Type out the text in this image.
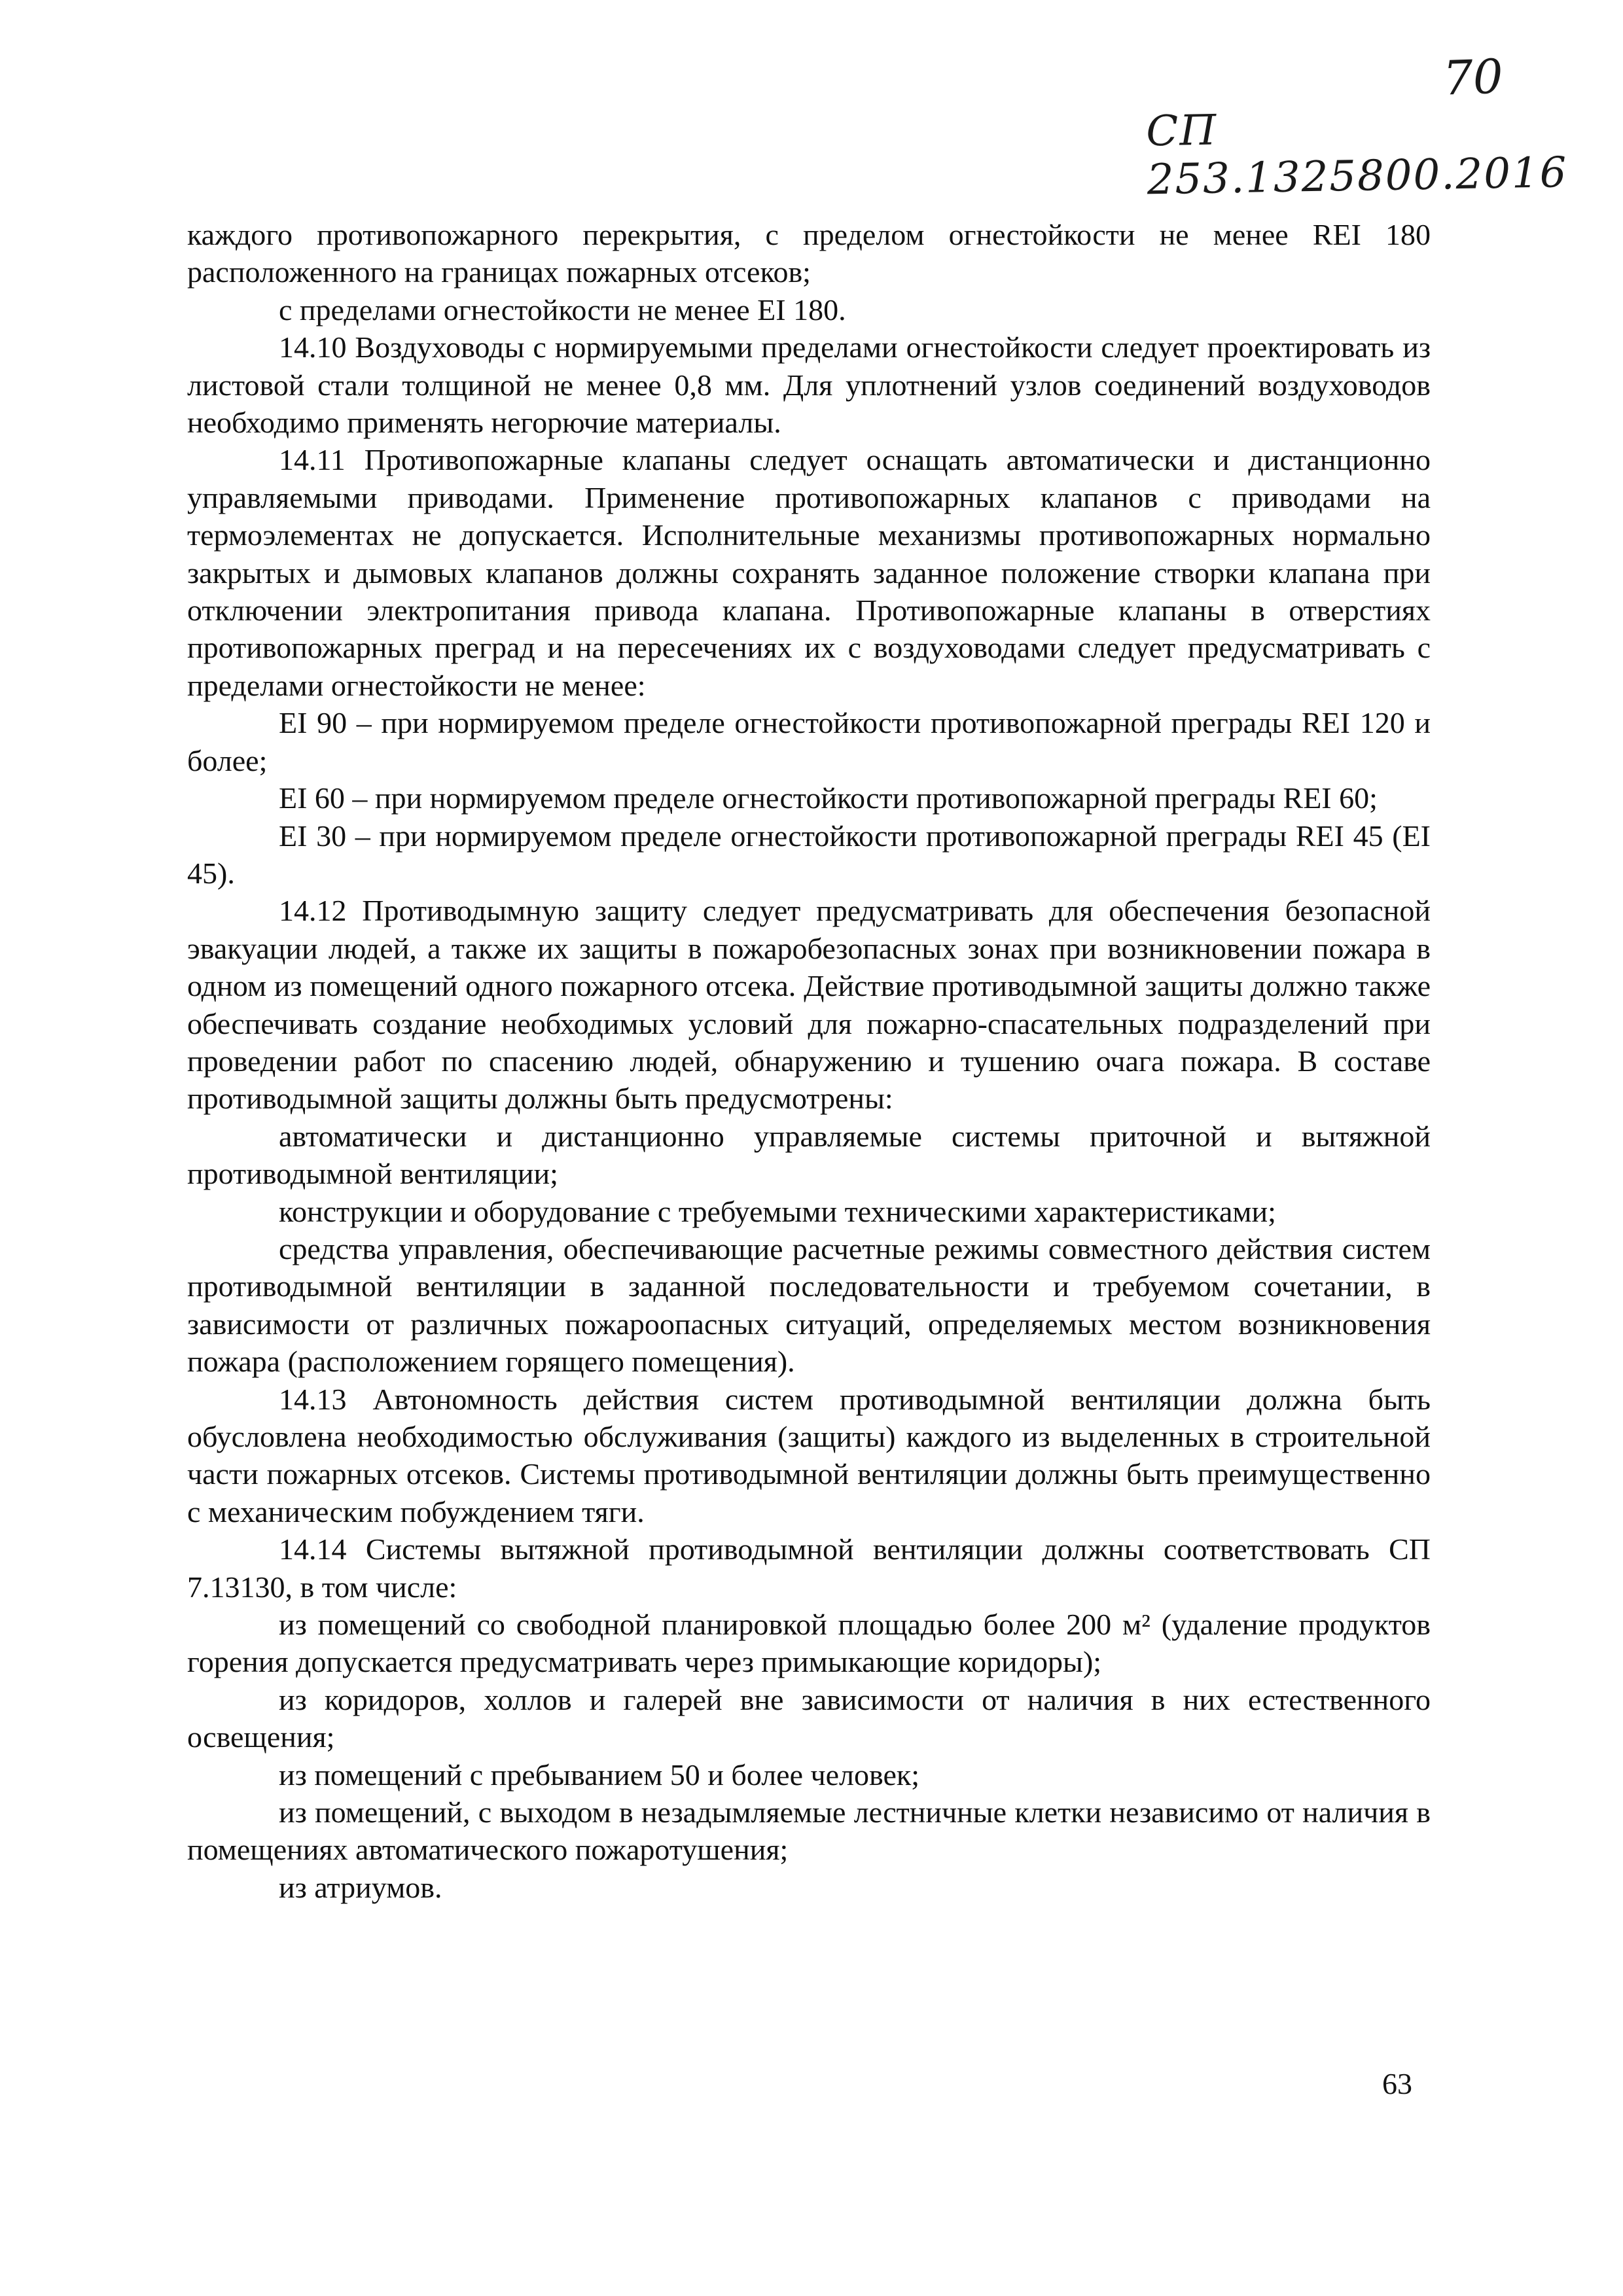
70
СП 253.1325800.2016

каждого противопожарного перекрытия, с пределом огнестойкости не менее REI 180 расположенного на границах пожарных отсеков;

с пределами огнестойкости не менее EI 180.

14.10 Воздуховоды с нормируемыми пределами огнестойкости следует проектировать из листовой стали толщиной не менее 0,8 мм. Для уплотнений узлов соединений воздуховодов необходимо применять негорючие материалы.

14.11 Противопожарные клапаны следует оснащать автоматически и дистанционно управляемыми приводами. Применение противопожарных клапанов с приводами на термоэлементах не допускается. Исполнительные механизмы противопожарных нормально закрытых и дымовых клапанов должны сохранять заданное положение створки клапана при отключении электропитания привода клапана. Противопожарные клапаны в отверстиях противопожарных преград и на пересечениях их с воздуховодами следует предусматривать с пределами огнестойкости не менее:

EI 90 – при нормируемом пределе огнестойкости противопожарной преграды REI 120 и более;

EI 60 – при нормируемом пределе огнестойкости противопожарной преграды REI 60;

EI 30 – при нормируемом пределе огнестойкости противопожарной преграды REI 45 (EI 45).

14.12 Противодымную защиту следует предусматривать для обеспечения безопасной эвакуации людей, а также их защиты в пожаробезопасных зонах при возникновении пожара в одном из помещений одного пожарного отсека. Действие противодымной защиты должно также обеспечивать создание необходимых условий для пожарно-спасательных подразделений при проведении работ по спасению людей, обнаружению и тушению очага пожара. В составе противодымной защиты должны быть предусмотрены:

автоматически и дистанционно управляемые системы приточной и вытяжной противодымной вентиляции;

конструкции и оборудование с требуемыми техническими характеристиками;

средства управления, обеспечивающие расчетные режимы совместного действия систем противодымной вентиляции в заданной последовательности и требуемом сочетании, в зависимости от различных пожароопасных ситуаций, определяемых местом возникновения пожара (расположением горящего помещения).

14.13 Автономность действия систем противодымной вентиляции должна быть обусловлена необходимостью обслуживания (защиты) каждого из выделенных в строительной части пожарных отсеков. Системы противодымной вентиляции должны быть преимущественно с механическим побуждением тяги.

14.14 Системы вытяжной противодымной вентиляции должны соответствовать СП 7.13130, в том числе:

из помещений со свободной планировкой площадью более 200 м² (удаление продуктов горения допускается предусматривать через примыкающие коридоры);

из коридоров, холлов и галерей вне зависимости от наличия в них естественного освещения;

из помещений с пребыванием 50 и более человек;

из помещений, с выходом в незадымляемые лестничные клетки независимо от наличия в помещениях автоматического пожаротушения;

из атриумов.

63
